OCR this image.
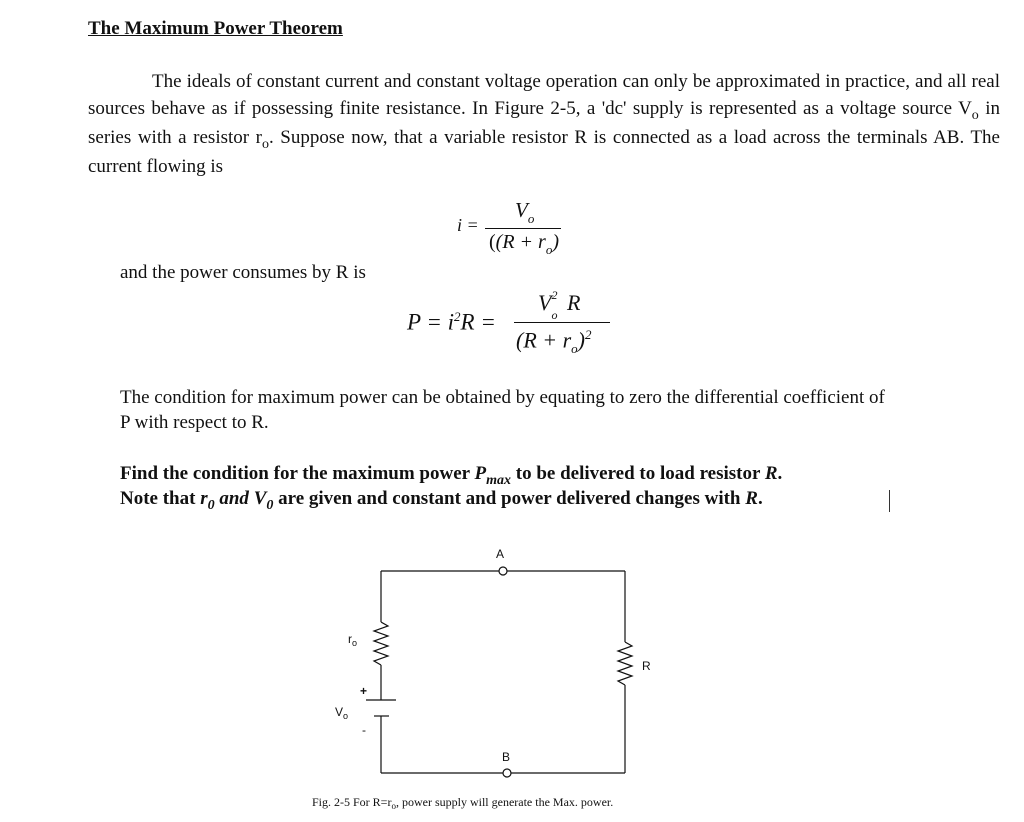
The Maximum Power Theorem
The ideals of constant current and constant voltage operation can only be approximated in practice, and all real sources behave as if possessing finite resistance. In Figure 2-5, a 'dc' supply is represented as a voltage source $V_o$ in series with a resistor $r_o$. Suppose now, that a variable resistor R is connected as a load across the terminals AB. The current flowing is
i =
$V_o$
($(R + r_o)$
and the power consumes by R is
$P = i^2R$ =
V 2
o R
$(R + r_o)^2$
The condition for maximum power can be obtained by equating to zero the differential coefficient of
P with respect to R.
Find the condition for the maximum power $P_{max}$ to be delivered to load resistor R.
Note that $r_0$ and $V_0$ are given and constant and power delivered changes with R.
A
B
$r_o$
$V_o$
+
-
R
Fig. 2-5 For $R=r_o$, power supply will generate the Max. power.
